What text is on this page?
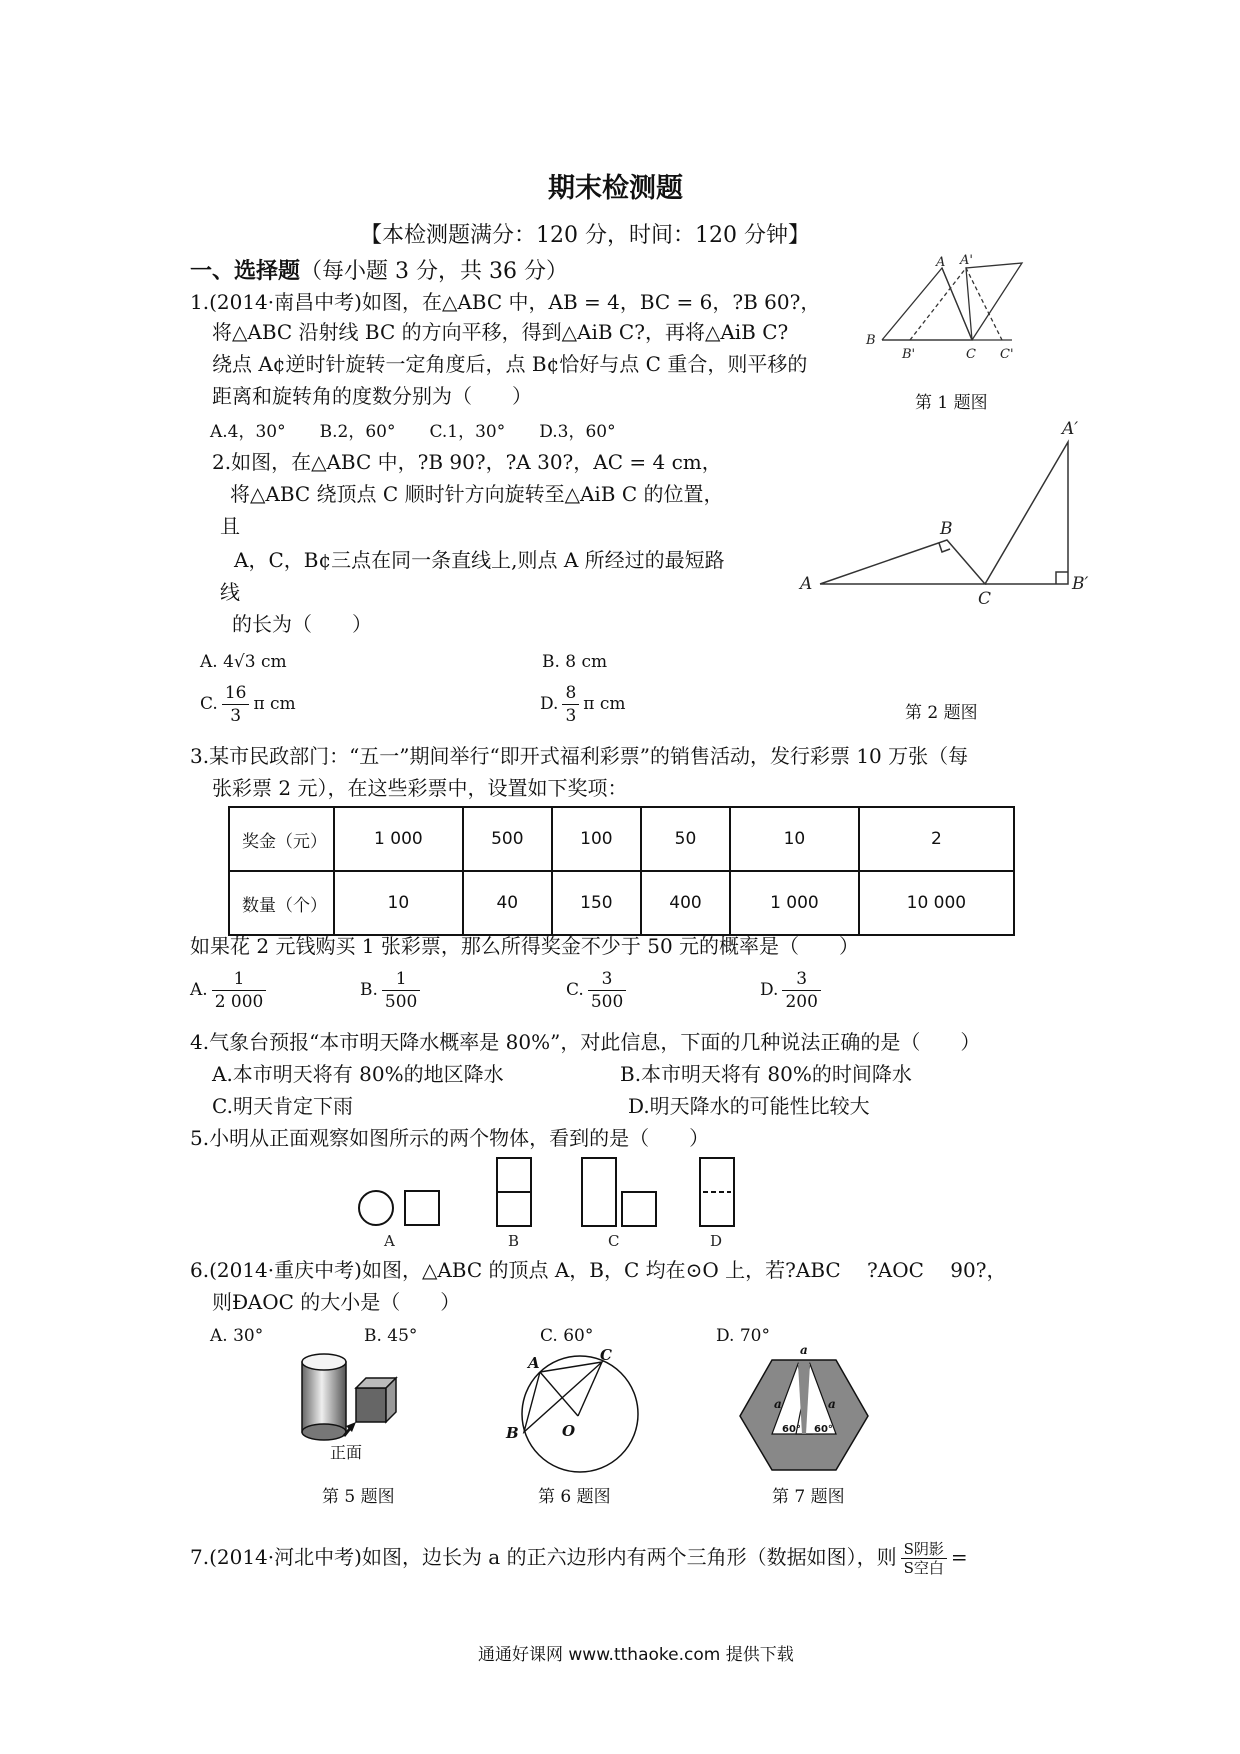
期末检测题
【本检测题满分：120 分，时间：120 分钟】
一、选择题（每小题 3 分，共 36 分）
1.(2014·南昌中考)如图，在△ABC 中，AB = 4，BC = 6，?B 60?，
将△ABC 沿射线 BC 的方向平移，得到△AiB C?，再将△AiB C?
绕点 A¢逆时针旋转一定角度后，点 B¢恰好与点 C 重合，则平移的
距离和旋转角的度数分别为（　　）
A.4，30°　　B.2，60°　　C.1，30°　　D.3，60°
A A'
B
B'	C C'
第 1 题图
2.如图，在△ABC 中，?B 90?，?A 30?，AC = 4 cm，
将△ABC 绕顶点 C 顺时针方向旋转至△AiB C 的位置，
且
A，C，B¢三点在同一条直线上,则点 A 所经过的最短路
线
的长为（　　）
A. 4√3 cm	B. 8 cm
C. $\frac{16}{3}$ π cm	D. $\frac{8}{3}$ π cm
A
B
C
A′
B′
第 2 题图
3.某市民政部门：“五一”期间举行“即开式福利彩票”的销售活动，发行彩票 10 万张（每
张彩票 2 元），在这些彩票中，设置如下奖项：
奖金（元）	1 000	500	100	50	10	2
数量（个）	10	40	150	400	1 000	10 000
如果花 2 元钱购买 1 张彩票，那么所得奖金不少于 50 元的概率是（　　）
A. $\frac{1}{2 000}$	B. $\frac{1}{500}$	C. $\frac{3}{500}$	D. $\frac{3}{200}$
4.气象台预报“本市明天降水概率是 80%”，对此信息，下面的几种说法正确的是（　　）
A.本市明天将有 80%的地区降水	B.本市明天将有 80%的时间降水
C.明天肯定下雨	D.明天降水的可能性比较大
5.小明从正面观察如图所示的两个物体，看到的是（　　）
A	B	C	D
6.(2014·重庆中考)如图，△ABC 的顶点 A，B，C 均在⊙O 上，若?ABC 　?AOC 　90?，
则ÐAOC 的大小是（　　）
A. 30°	B. 45°	C. 60°	D. 70°
正面
第 5 题图
A	C
B	O
第 6 题图
a
a	a
60° 60°
第 7 题图
7.(2014·河北中考)如图，边长为 a 的正六边形内有两个三角形（数据如图），则 $\frac{\text{S阴影}}{\text{S空白}}$ =
通通好课网 www.tthaoke.com 提供下载
